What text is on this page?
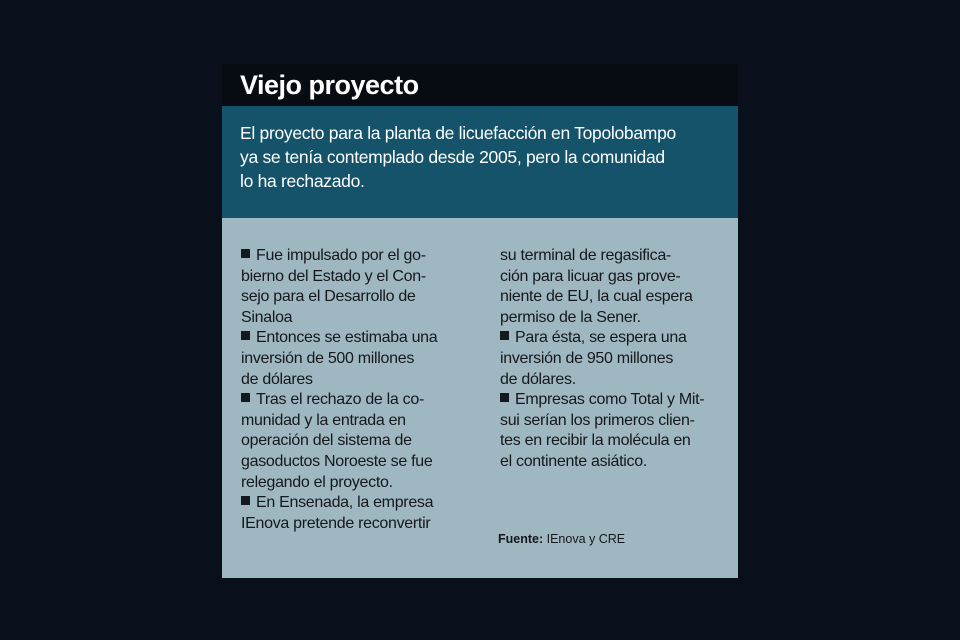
Viejo proyecto
El proyecto para la planta de licuefacción en Topolobampo
ya se tenía contemplado desde 2005, pero la comunidad
lo ha rechazado.
Fue impulsado por el go-
bierno del Estado y el Con-
sejo para el Desarrollo de
Sinaloa
Entonces se estimaba una
inversión de 500 millones
de dólares
Tras el rechazo de la co-
munidad y la entrada en
operación del sistema de
gasoductos Noroeste se fue
relegando el proyecto.
En Ensenada, la empresa
IEnova pretende reconvertir
su terminal de regasifica-
ción para licuar gas prove-
niente de EU, la cual espera
permiso de la Sener.
Para ésta, se espera una
inversión de 950 millones
de dólares.
Empresas como Total y Mit-
sui serían los primeros clien-
tes en recibir la molécula en
el continente asiático.
Fuente: IEnova y CRE
